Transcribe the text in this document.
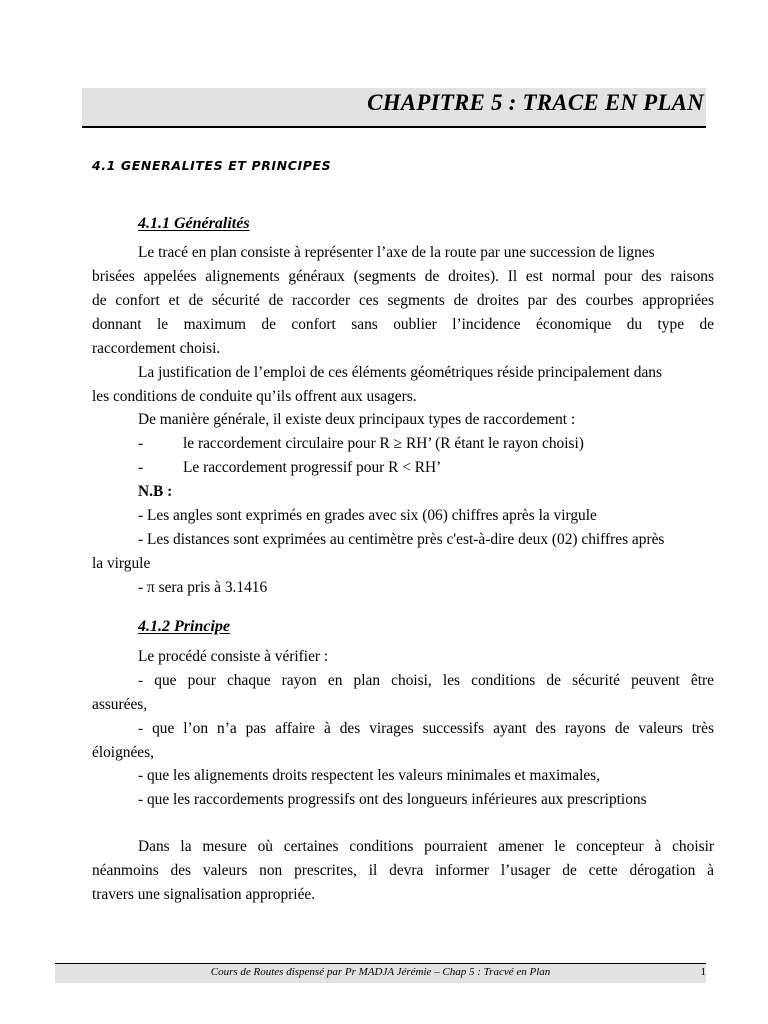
CHAPITRE 5 : TRACE EN PLAN
4.1 GENERALITES ET PRINCIPES
4.1.1 Généralités

Le tracé en plan consiste à représenter l’axe de la route par une succession de lignes

brisées appelées alignements généraux (segments de droites). Il est normal pour des raisons

de confort et de sécurité de raccorder ces segments de droites par des courbes appropriées

donnant le maximum de confort sans oublier l’incidence économique du type de

raccordement choisi.

La justification de l’emploi de ces éléments géométriques réside principalement dans

les conditions de conduite qu’ils offrent aux usagers.

De manière générale, il existe deux principaux types de raccordement :

-	le raccordement circulaire pour R ≥ RH’ (R étant le rayon choisi)

-	Le raccordement progressif pour R < RH’

N.B :

- Les angles sont exprimés en grades avec six (06) chiffres après la virgule

- Les distances sont exprimées au centimètre près c'est-à-dire deux (02) chiffres après

la virgule

- π sera pris à 3.1416

4.1.2 Principe

Le procédé consiste à vérifier :

- que pour chaque rayon en plan choisi, les conditions de sécurité peuvent être

assurées,

- que l’on n’a pas affaire à des virages successifs ayant des rayons de valeurs très

éloignées,

- que les alignements droits respectent les valeurs minimales et maximales,

- que les raccordements progressifs ont des longueurs inférieures aux prescriptions

Dans la mesure où certaines conditions pourraient amener le concepteur à choisir

néanmoins des valeurs non prescrites, il devra informer l’usager de cette dérogation à

travers une signalisation appropriée.

Cours de Routes dispensé par Pr MADJA Jérémie – Chap 5 : Tracvé en Plan	1
